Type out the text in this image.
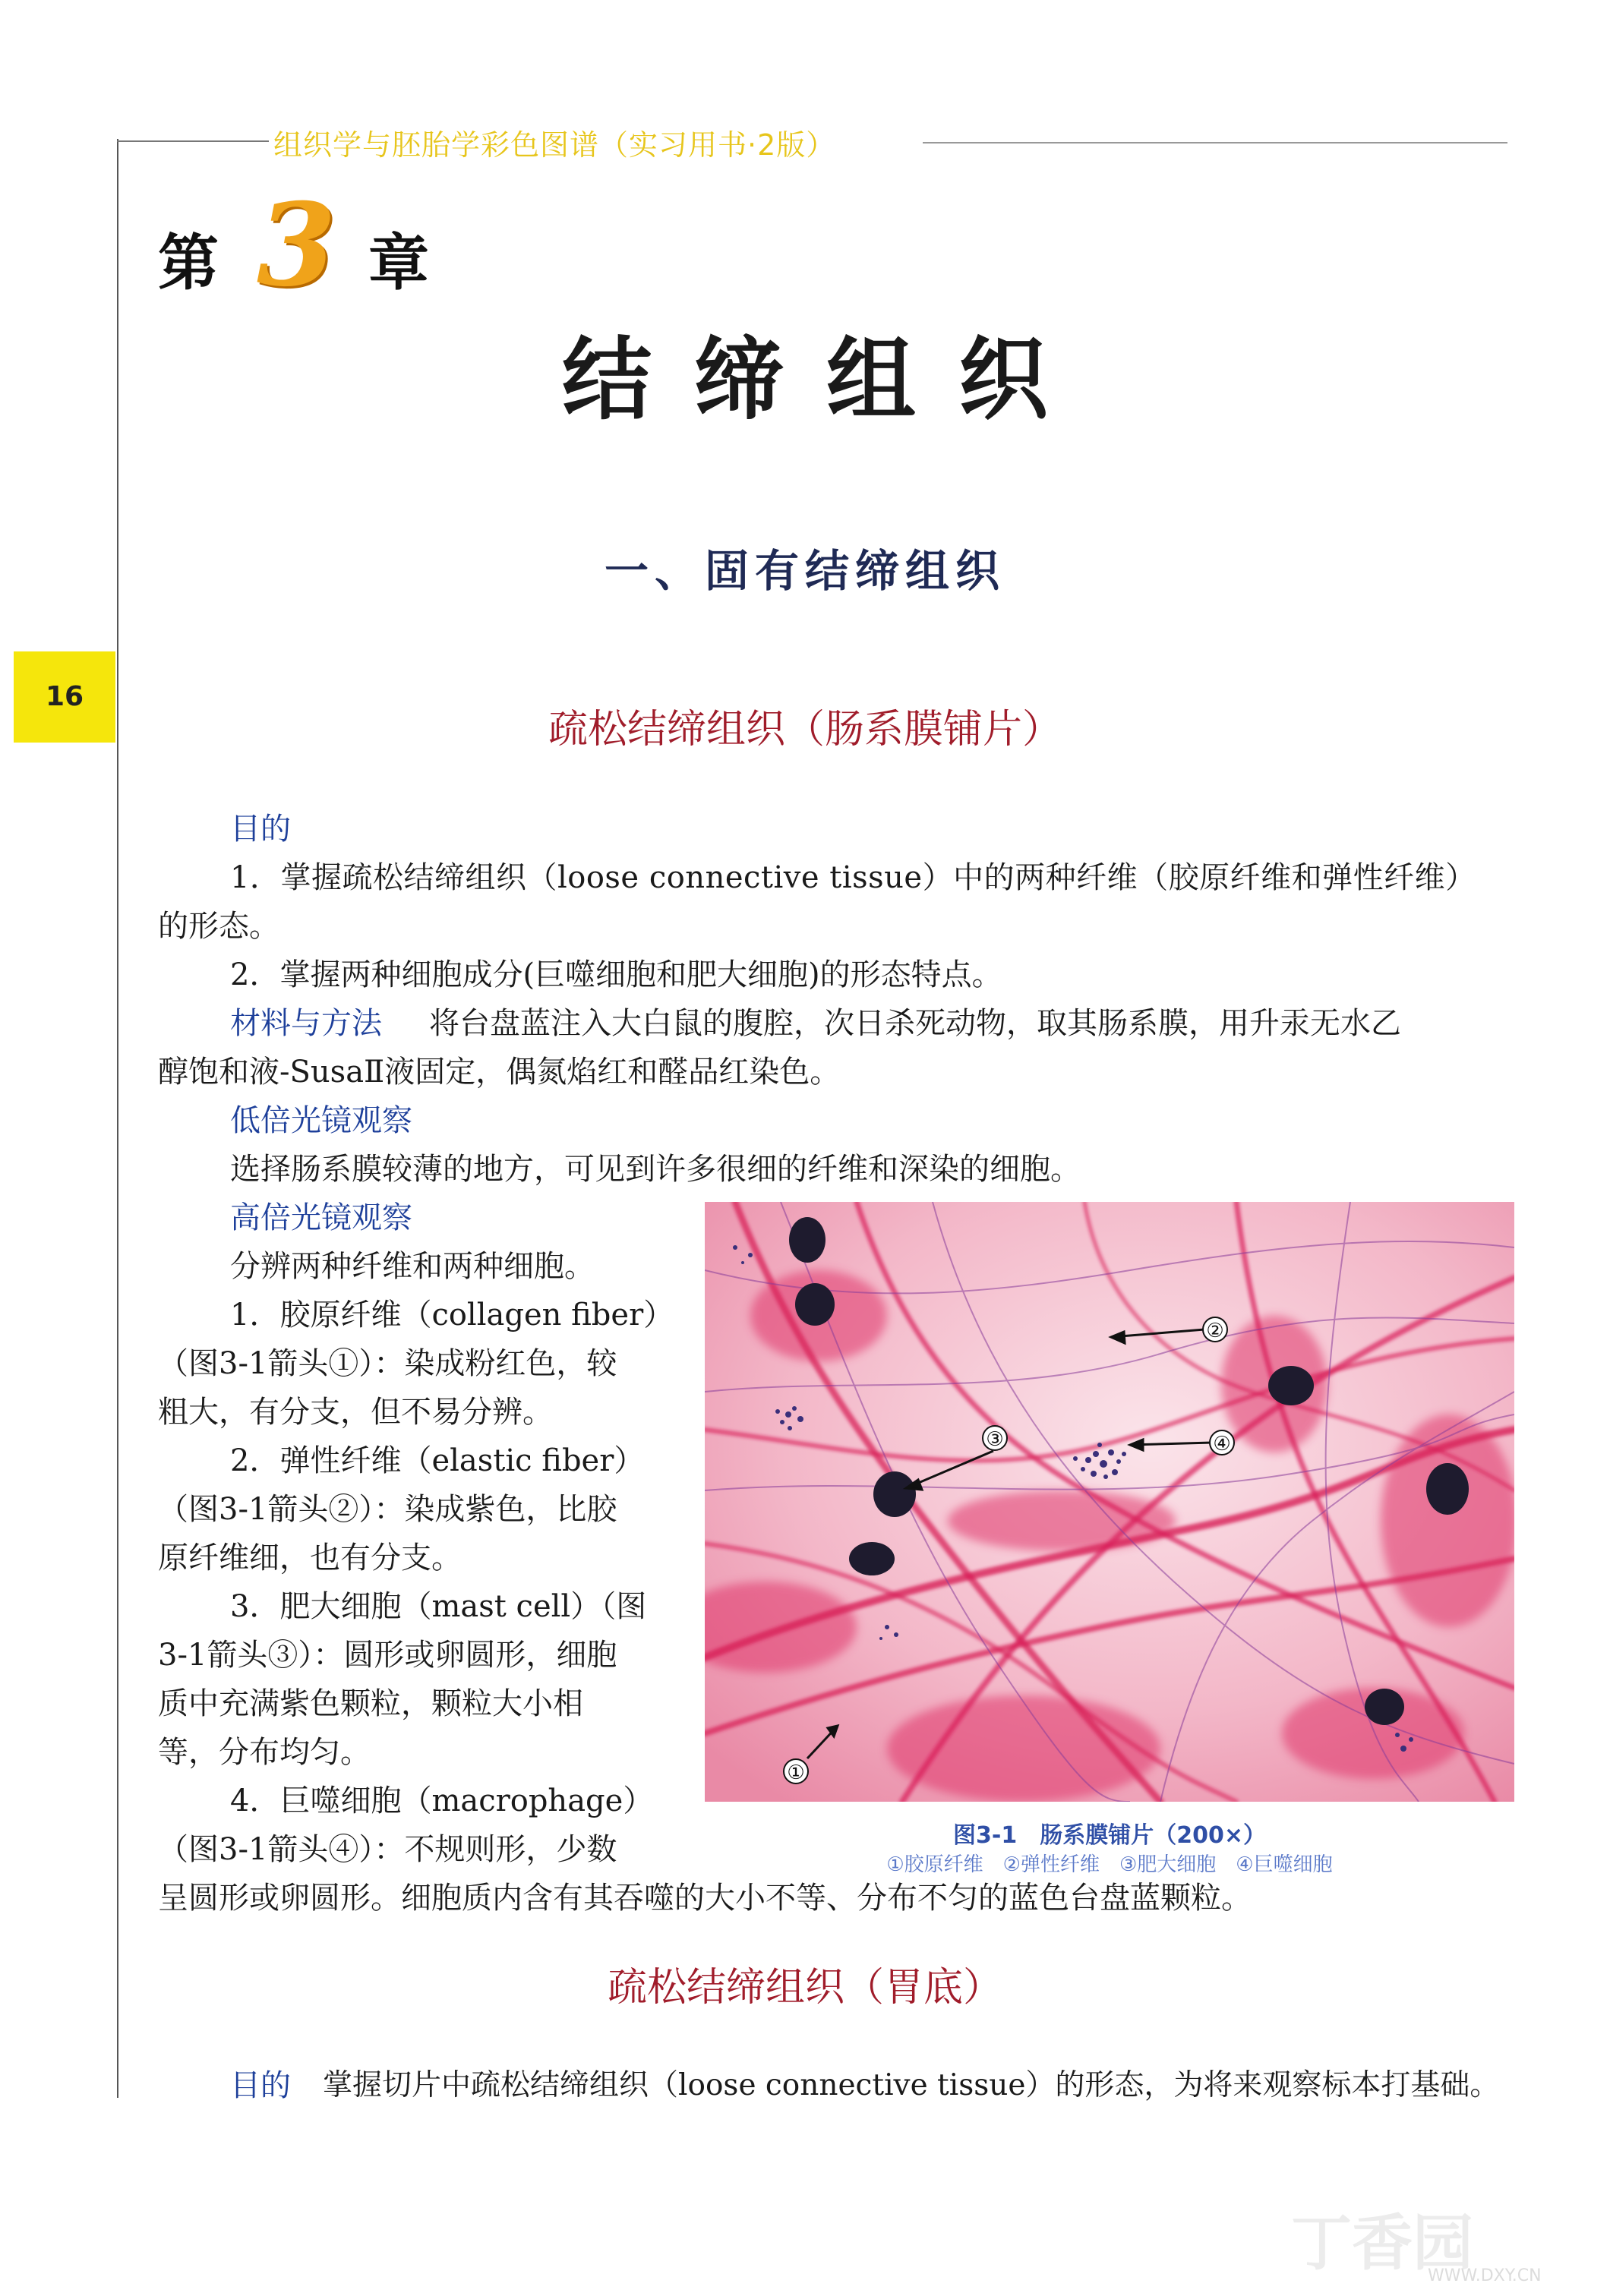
组织学与胚胎学彩色图谱（实习用书·2版）
16
第 3 章
结缔组织
一、固有结缔组织
疏松结缔组织（肠系膜铺片）
目的
1．掌握疏松结缔组织（loose connective tissue）中的两种纤维（胶原纤维和弹性纤维）
的形态。
2．掌握两种细胞成分(巨噬细胞和肥大细胞)的形态特点。
材料与方法 将台盘蓝注入大白鼠的腹腔，次日杀死动物，取其肠系膜，用升汞无水乙
醇饱和液-SusaⅡ液固定，偶氮焰红和醛品红染色。
低倍光镜观察
选择肠系膜较薄的地方，可见到许多很细的纤维和深染的细胞。
高倍光镜观察
分辨两种纤维和两种细胞。
1．胶原纤维（collagen fiber）
（图3-1箭头①）：染成粉红色，较
粗大，有分支，但不易分辨。
2．弹性纤维（elastic fiber）
（图3-1箭头②）：染成紫色，比胶
原纤维细，也有分支。
3．肥大细胞（mast cell）（图
3-1箭头③）：圆形或卵圆形，细胞
质中充满紫色颗粒，颗粒大小相
等，分布均匀。
4．巨噬细胞（macrophage）
（图3-1箭头④）：不规则形，少数
呈圆形或卵圆形。细胞质内含有其吞噬的大小不等、分布不匀的蓝色台盘蓝颗粒。
①
②
③	④
图3-1　肠系膜铺片（200×）
①胶原纤维　②弹性纤维　③肥大细胞　④巨噬细胞
疏松结缔组织（胃底）
目的 掌握切片中疏松结缔组织（loose connective tissue）的形态，为将来观察标本打基础。
丁香园
WWW.DXY.CN
